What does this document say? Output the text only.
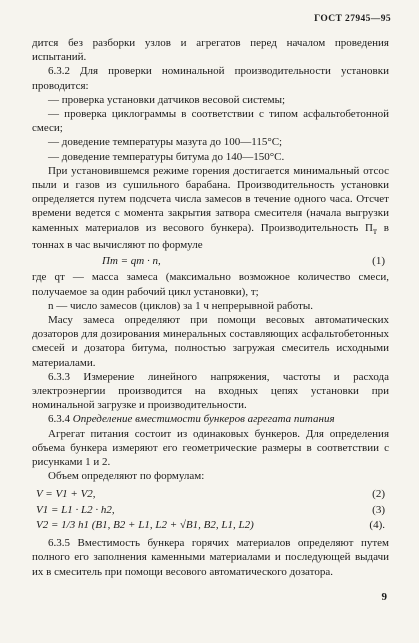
ГОСТ 27945—95

дится без разборки узлов и агрегатов перед началом проведения испытаний.

6.3.2 Для проверки номинальной производительности установки проводится:

— проверка установки датчиков весовой системы;

— проверка циклограммы в соответствии с типом асфальтобетонной смеси;

— доведение температуры мазута до 100—115°С;

— доведение температуры битума до 140—150°С.

При установившемся режиме горения достигается минимальный отсос пыли и газов из сушильного барабана. Производительность установки определяется путем подсчета числа замесов в течение одного часа. Отсчет времени ведется с момента закрытия затвора смесителя (начала выгрузки каменных материалов из весового бункера). Производительность $П_т$ в тоннах в час вычисляют по формуле

Пт = qт · n,	(1)

где qт — масса замеса (максимально возможное количество смеси, получаемое за один рабочий цикл установки), т;

n — число замесов (циклов) за 1 ч непрерывной работы.

Масу замеса определяют при помощи весовых автоматических дозаторов для дозирования минеральных составляющих асфальтобетонных смесей и дозатора битума, полностью загружая смеситель исходными материалами.

6.3.3 Измерение линейного напряжения, частоты и расхода электроэнергии производится на входных цепях установки при номинальной загрузке и производительности.

6.3.4 Определение вместимости бункеров агрегата питания

Агрегат питания состоит из одинаковых бункеров. Для определения объема бункера измеряют его геометрические размеры в соответствии с рисунками 1 и 2.

Объем определяют по формулам:

V = V1 + V2,	(2)
V1 = L1 · L2 · h2,	(3)
V2 = 1/3 h1 (B1, B2 + L1, L2 + √B1, B2, L1, L2)	(4).

6.3.5 Вместимость бункера горячих материалов определяют путем полного его заполнения каменными материалами и последующей выдачи их в смеситель при помощи весового автоматического дозатора.

9
